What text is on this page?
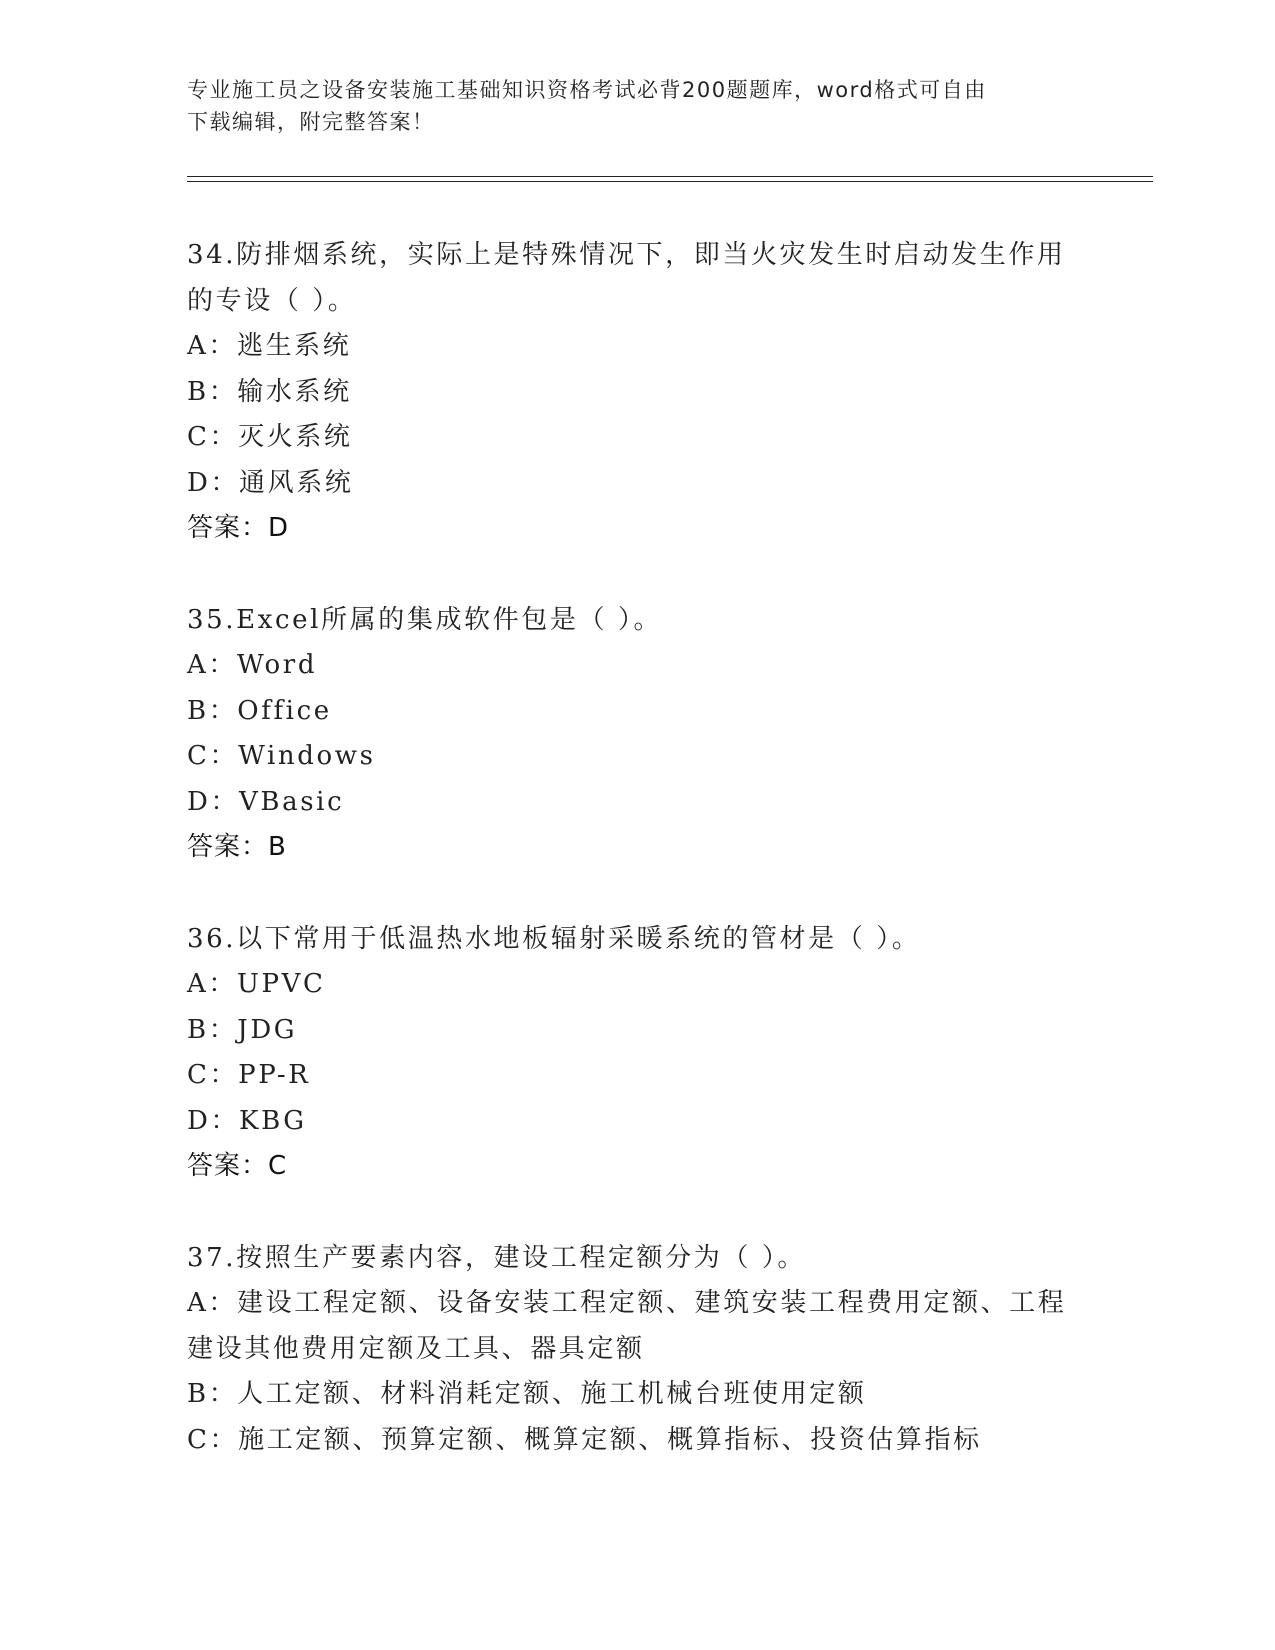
专业施工员之设备安装施工基础知识资格考试必背200题题库，word格式可自由
下载编辑，附完整答案！
34.防排烟系统，实际上是特殊情况下，即当火灾发生时启动发生作用
的专设（ ）。
A：逃生系统
B：输水系统
C：灭火系统
D：通风系统
答案：D
35.Excel所属的集成软件包是（ ）。
A：Word
B：Office
C：Windows
D：VBasic
答案：B
36.以下常用于低温热水地板辐射采暖系统的管材是（ ）。
A：UPVC
B：JDG
C：PP-R
D：KBG
答案：C
37.按照生产要素内容，建设工程定额分为（ ）。
A：建设工程定额、设备安装工程定额、建筑安装工程费用定额、工程
建设其他费用定额及工具、器具定额
B：人工定额、材料消耗定额、施工机械台班使用定额
C：施工定额、预算定额、概算定额、概算指标、投资估算指标
